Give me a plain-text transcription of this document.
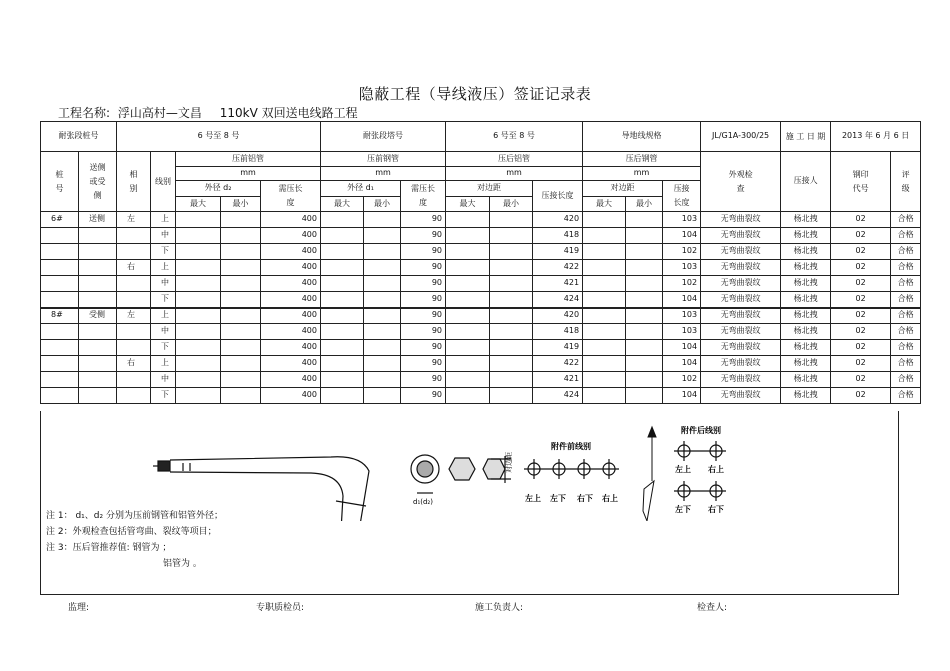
隐蔽工程（导线液压）签证记录表
工程名称: 浮山高村—文昌 110kV 双回送电线路工程
耐张段桩号		6 号至 8 号					耐张段塔号			6 号至 8 号			导地线规格			JL/G1A-300/25	施 工 日 期	2013 年 6 月 6 日	
桩号	送侧或受侧	相别	线别	压前铝管			压前钢管			压后铝管			压后钢管			外观检查	压接人	钢印代号	评级
				mm			mm			mm			mm						
				外径 d₂		需压长度	外径 d₁		需压长度	对边距		压接长度	对边距		压接长度				
				最大	最小		最大	最小		最大	最小		最大	最小					
6#	送侧	左	上			400			90			420			103	无弯曲裂纹	杨北拽	02	合格
			中			400			90			418			104	无弯曲裂纹	杨北拽	02	合格
			下			400			90			419			102	无弯曲裂纹	杨北拽	02	合格
		右	上			400			90			422			103	无弯曲裂纹	杨北拽	02	合格
			中			400			90			421			102	无弯曲裂纹	杨北拽	02	合格
			下			400			90			424			104	无弯曲裂纹	杨北拽	02	合格
8#	受侧	左	上			400			90			420			103	无弯曲裂纹	杨北拽	02	合格
			中			400			90			418			103	无弯曲裂纹	杨北拽	02	合格
			下			400			90			419			104	无弯曲裂纹	杨北拽	02	合格
		右	上			400			90			422			104	无弯曲裂纹	杨北拽	02	合格
			中			400			90			421			102	无弯曲裂纹	杨北拽	02	合格
			下			400			90			424			104	无弯曲裂纹	杨北拽	02	合格
d₁(d₂)
对边距
附件前线别
左上 左下 右下 右上
附件后线别
左上 右上
左下 右下
注 1： d₁、d₂ 分别为压前钢管和铝管外径；
注 2：外观检查包括管弯曲、裂纹等项目；
注 3：压后管推荐值: 钢管为 ；
铝管为 。
监理:	专职质检员:	施工负责人:	检查人:
